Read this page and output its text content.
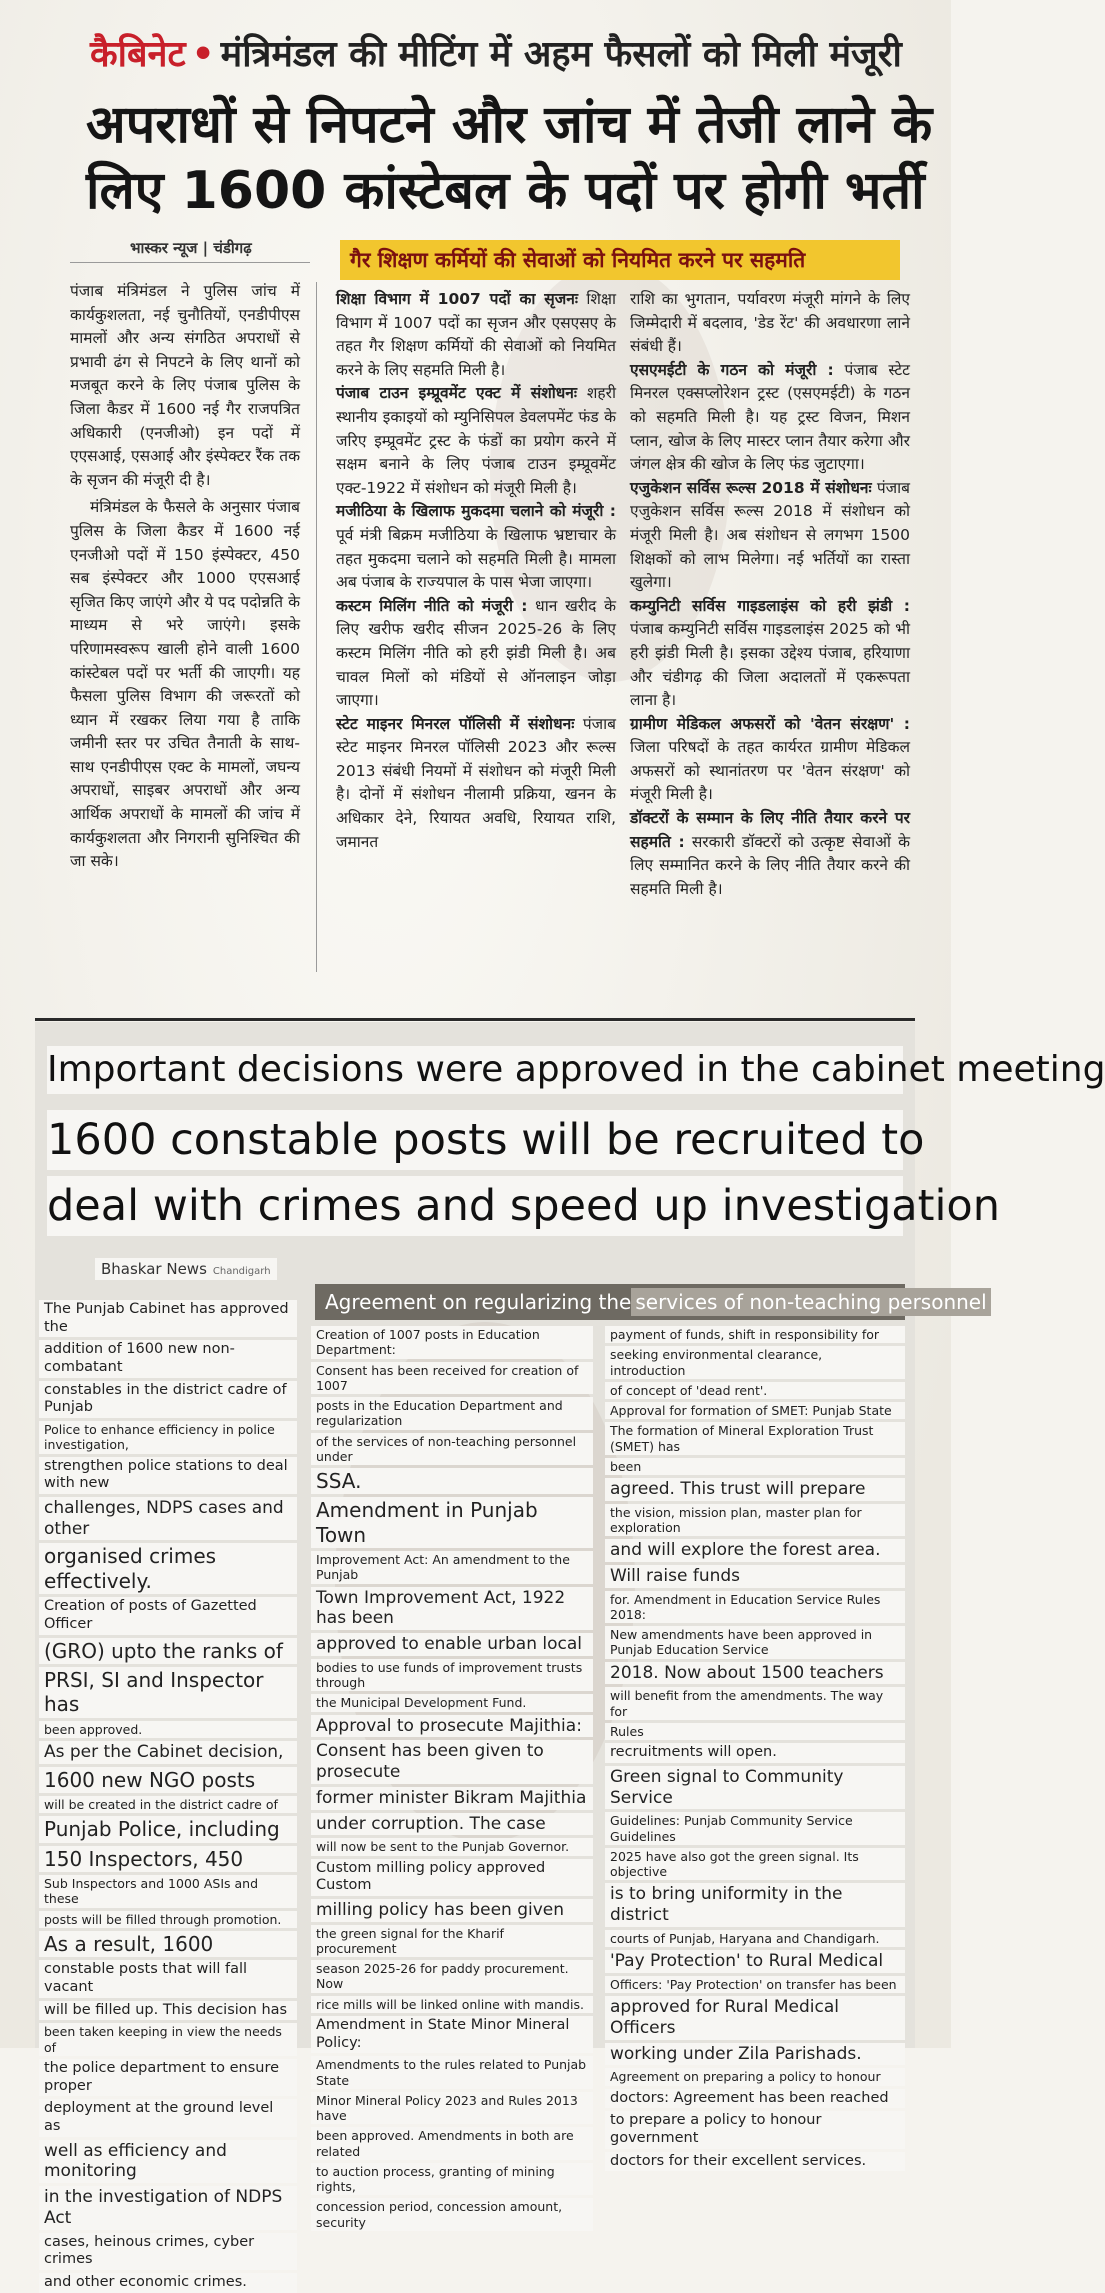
कैबिनेट • मंत्रिमंडल की मीटिंग में अहम फैसलों को मिली मंजूरी
अपराधों से निपटने और जांच में तेजी लाने के
लिए 1600 कांस्टेबल के पदों पर होगी भर्ती
भास्कर न्यूज | चंडीगढ़	गैर शिक्षण कर्मियों की सेवाओं को नियमित करने पर सहमति

पंजाब मंत्रिमंडल ने पुलिस जांच में कार्यकुशलता, नई चुनौतियों, एनडीपीएस मामलों और अन्य संगठित अपराधों से प्रभावी ढंग से निपटने के लिए थानों को मजबूत करने के लिए पंजाब पुलिस के जिला कैडर में 1600 नई गैर राजपत्रित अधिकारी (एनजीओ) इन पदों में एएसआई, एसआई और इंस्पेक्टर रैंक तक के सृजन की मंजूरी दी है।

मंत्रिमंडल के फैसले के अनुसार पंजाब पुलिस के जिला कैडर में 1600 नई एनजीओ पदों में 150 इंस्पेक्टर, 450 सब इंस्पेक्टर और 1000 एएसआई सृजित किए जाएंगे और ये पद पदोन्नति के माध्यम से भरे जाएंगे। इसके परिणामस्वरूप खाली होने वाली 1600 कांस्टेबल पदों पर भर्ती की जाएगी। यह फैसला पुलिस विभाग की जरूरतों को ध्यान में रखकर लिया गया है ताकि जमीनी स्तर पर उचित तैनाती के साथ-साथ एनडीपीएस एक्ट के मामलों, जघन्य अपराधों, साइबर अपराधों और अन्य आर्थिक अपराधों के मामलों की जांच में कार्यकुशलता और निगरानी सुनिश्चित की जा सके।

शिक्षा विभाग में 1007 पदों का सृजनः शिक्षा विभाग में 1007 पदों का सृजन और एसएसए के तहत गैर शिक्षण कर्मियों की सेवाओं को नियमित करने के लिए सहमति मिली है।
पंजाब टाउन इम्प्रूवमेंट एक्ट में संशोधनः शहरी स्थानीय इकाइयों को म्युनिसिपल डेवलपमेंट फंड के जरिए इम्प्रूवमेंट ट्रस्ट के फंडों का प्रयोग करने में सक्षम बनाने के लिए पंजाब टाउन इम्प्रूवमेंट एक्ट-1922 में संशोधन को मंजूरी मिली है।
मजीठिया के खिलाफ मुकदमा चलाने को मंजूरी : पूर्व मंत्री बिक्रम मजीठिया के खिलाफ भ्रष्टाचार के तहत मुकदमा चलाने को सहमति मिली है। मामला अब पंजाब के राज्यपाल के पास भेजा जाएगा।
कस्टम मिलिंग नीति को मंजूरी : धान खरीद के लिए खरीफ खरीद सीजन 2025-26 के लिए कस्टम मिलिंग नीति को हरी झंडी मिली है। अब चावल मिलों को मंडियों से ऑनलाइन जोड़ा जाएगा।
स्टेट माइनर मिनरल पॉलिसी में संशोधनः पंजाब स्टेट माइनर मिनरल पॉलिसी 2023 और रूल्स 2013 संबंधी नियमों में संशोधन को मंजूरी मिली है। दोनों में संशोधन नीलामी प्रक्रिया, खनन के अधिकार देने, रियायत अवधि, रियायत राशि, जमानत
राशि का भुगतान, पर्यावरण मंजूरी मांगने के लिए जिम्मेदारी में बदलाव, 'डेड रेंट' की अवधारणा लाने संबंधी हैं।
एसएमईटी के गठन को मंजूरी : पंजाब स्टेट मिनरल एक्सप्लोरेशन ट्रस्ट (एसएमईटी) के गठन को सहमति मिली है। यह ट्रस्ट विजन, मिशन प्लान, खोज के लिए मास्टर प्लान तैयार करेगा और जंगल क्षेत्र की खोज के लिए फंड जुटाएगा।
एजुकेशन सर्विस रूल्स 2018 में संशोधनः पंजाब एजुकेशन सर्विस रूल्स 2018 में संशोधन को मंजूरी मिली है। अब संशोधन से लगभग 1500 शिक्षकों को लाभ मिलेगा। नई भर्तियों का रास्ता खुलेगा।
कम्युनिटी सर्विस गाइडलाइंस को हरी झंडी : पंजाब कम्युनिटी सर्विस गाइडलाइंस 2025 को भी हरी झंडी मिली है। इसका उद्देश्य पंजाब, हरियाणा और चंडीगढ़ की जिला अदालतों में एकरूपता लाना है।
ग्रामीण मेडिकल अफसरों को 'वेतन संरक्षण' : जिला परिषदों के तहत कार्यरत ग्रामीण मेडिकल अफसरों को स्थानांतरण पर 'वेतन संरक्षण' को मंजूरी मिली है।
डॉक्टरों के सम्मान के लिए नीति तैयार करने पर सहमति : सरकारी डॉक्टरों को उत्कृष्ट सेवाओं के लिए सम्मानित करने के लिए नीति तैयार करने की सहमति मिली है।
Important decisions were approved in the cabinet meeting
1600 constable posts will be recruited to
deal with crimes and speed up investigation
Bhaskar News Chandigarh
Agreement on regularizing the services of non-teaching personnel
The Punjab Cabinet has approved the
addition of 1600 new non-combatant
constables in the district cadre of Punjab
Police to enhance efficiency in police investigation,
strengthen police stations to deal with new
challenges, NDPS cases and other
organised crimes effectively.
Creation of posts of Gazetted Officer
(GRO) upto the ranks of
PRSI, SI and Inspector has
been approved.
As per the Cabinet decision,
1600 new NGO posts
will be created in the district cadre of
Punjab Police, including
150 Inspectors, 450
Sub Inspectors and 1000 ASIs and these
posts will be filled through promotion.
As a result, 1600
constable posts that will fall vacant
will be filled up. This decision has
been taken keeping in view the needs of
the police department to ensure proper
deployment at the ground level as
well as efficiency and monitoring
in the investigation of NDPS Act
cases, heinous crimes, cyber crimes
and other economic crimes.
Creation of 1007 posts in Education Department:
Consent has been received for creation of 1007
posts in the Education Department and regularization
of the services of non-teaching personnel under
SSA.
Amendment in Punjab Town
Improvement Act: An amendment to the Punjab
Town Improvement Act, 1922 has been
approved to enable urban local
bodies to use funds of improvement trusts through
the Municipal Development Fund.
Approval to prosecute Majithia:
Consent has been given to prosecute
former minister Bikram Majithia
under corruption. The case
will now be sent to the Punjab Governor.
Custom milling policy approved Custom
milling policy has been given
the green signal for the Kharif procurement
season 2025-26 for paddy procurement. Now
rice mills will be linked online with mandis.
Amendment in State Minor Mineral Policy:
Amendments to the rules related to Punjab State
Minor Mineral Policy 2023 and Rules 2013 have
been approved. Amendments in both are related
to auction process, granting of mining rights,
concession period, concession amount, security
payment of funds, shift in responsibility for
seeking environmental clearance, introduction
of concept of 'dead rent'.
Approval for formation of SMET: Punjab State
The formation of Mineral Exploration Trust (SMET) has
been
agreed. This trust will prepare
the vision, mission plan, master plan for exploration
and will explore the forest area.
Will raise funds
for. Amendment in Education Service Rules 2018:
New amendments have been approved in Punjab Education Service
2018. Now about 1500 teachers
will benefit from the amendments. The way for
Rules
recruitments will open.
Green signal to Community Service
Guidelines: Punjab Community Service Guidelines
2025 have also got the green signal. Its objective
is to bring uniformity in the district
courts of Punjab, Haryana and Chandigarh.
'Pay Protection' to Rural Medical
Officers: 'Pay Protection' on transfer has been
approved for Rural Medical Officers
working under Zila Parishads.
Agreement on preparing a policy to honour
doctors: Agreement has been reached
to prepare a policy to honour government
doctors for their excellent services.
